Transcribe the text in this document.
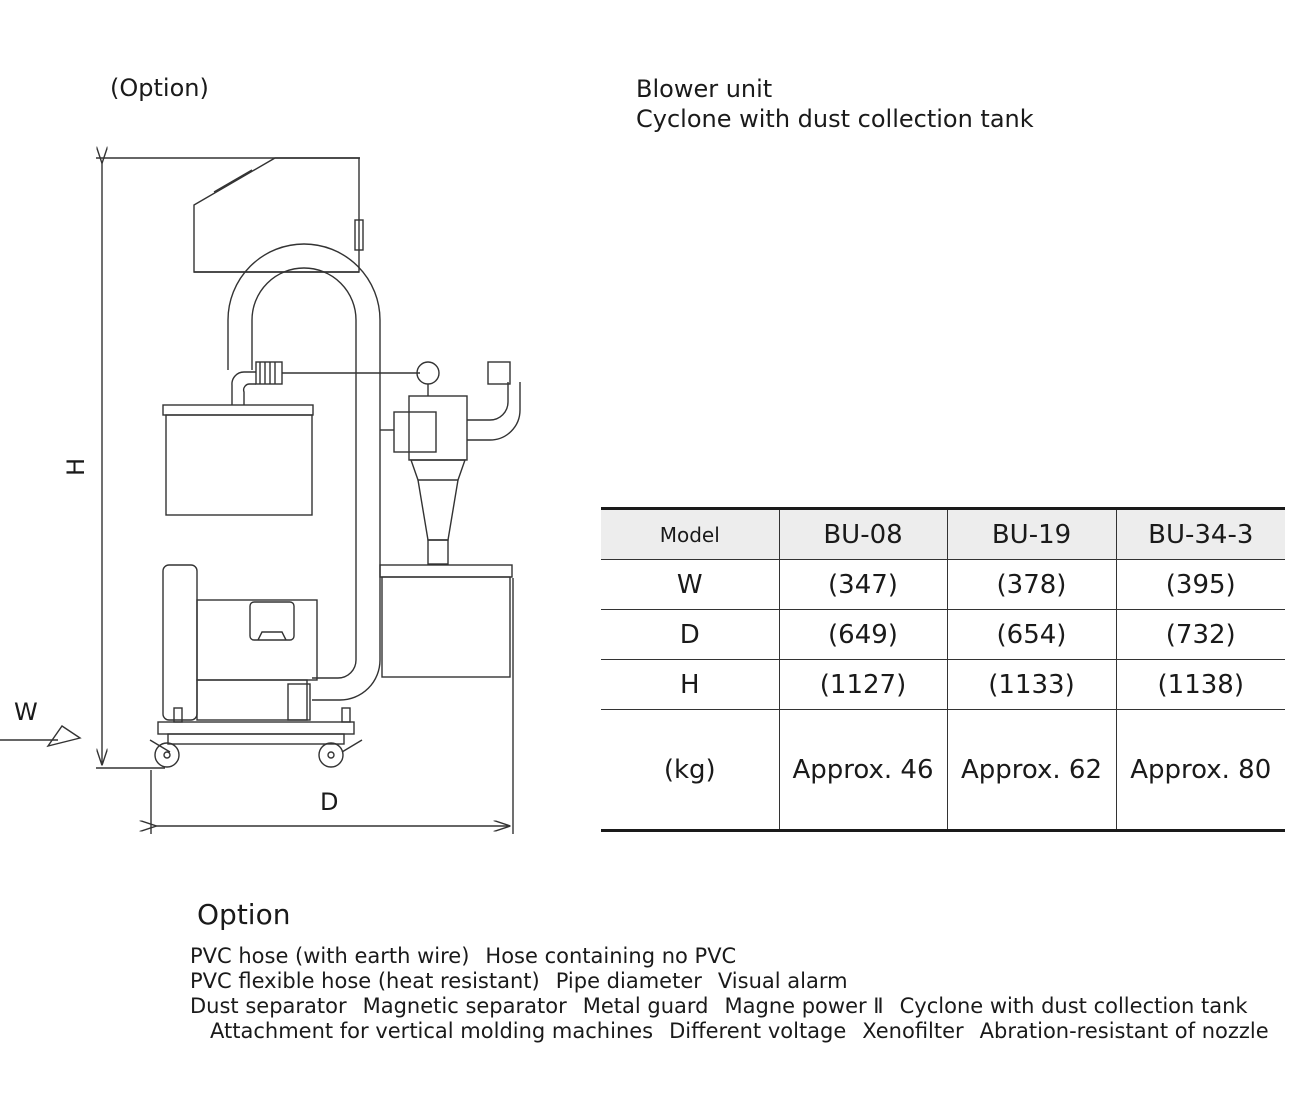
(Option)	Blower unit
Cyclone with dust collection tank
H
W
D
Model	BU-08	BU-19	BU-34-3
W	(347)	(378)	(395)
D	(649)	(654)	(732)
H	(1127)	(1133)	(1138)
(kg)	Approx. 46	Approx. 62	Approx. 80
Option
PVC hose (with earth wire) Hose containing no PVC
PVC flexible hose (heat resistant) Pipe diameter Visual alarm
Dust separator Magnetic separator Metal guard Magne power Ⅱ Cyclone with dust collection tank
Attachment for vertical molding machines Different voltage Xenofilter Abration-resistant of nozzle
